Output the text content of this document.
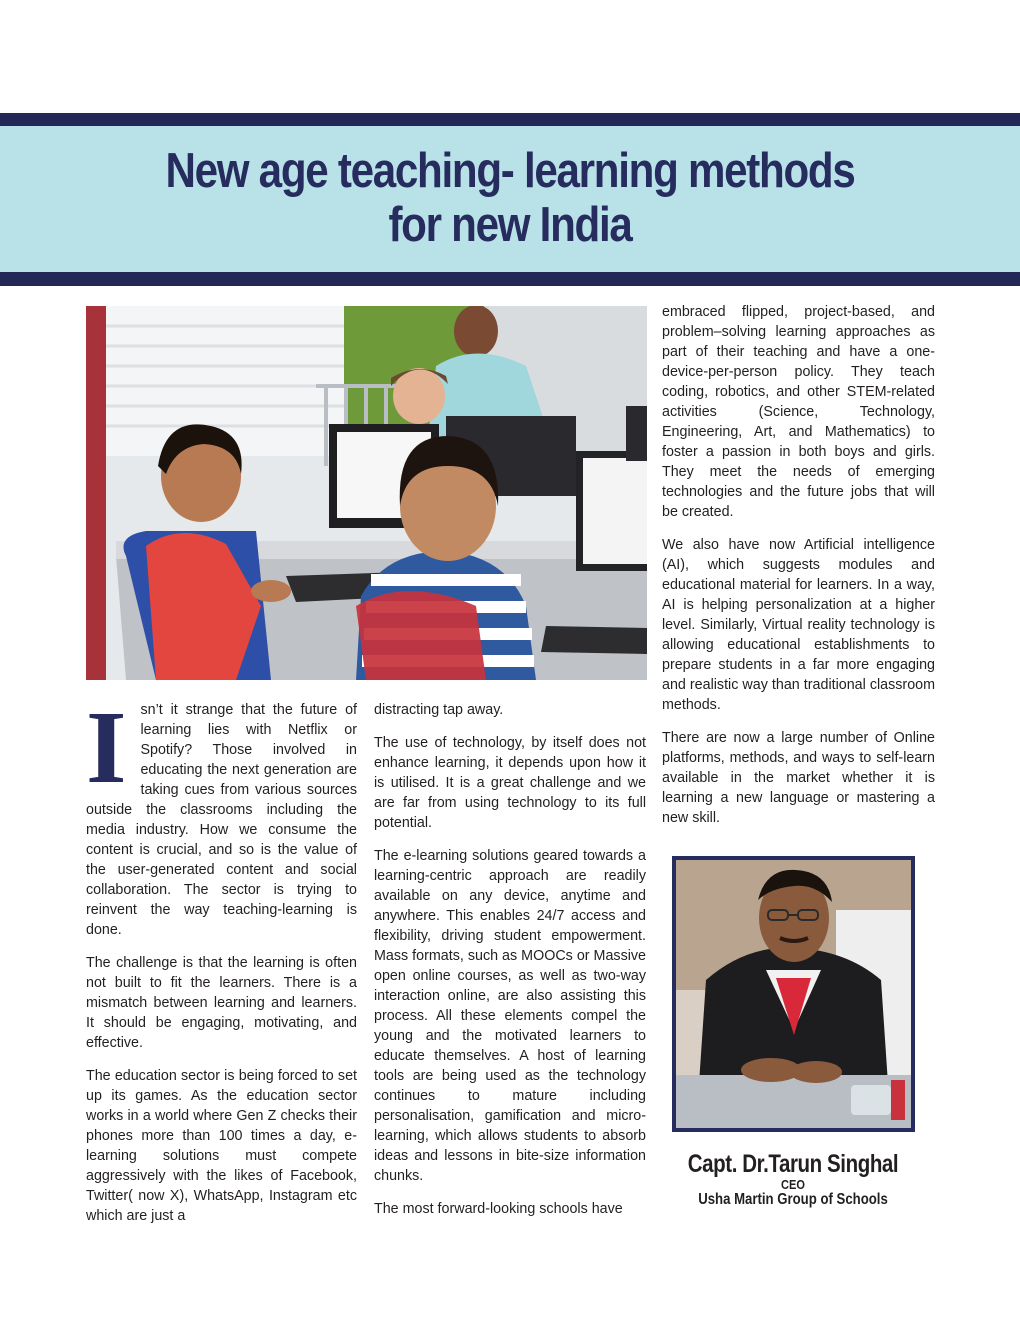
New age teaching- learning methods
for new India
I sn’t it strange that the future of learning lies with Netflix or Spotify? Those involved in educating the next generation are taking cues from various sources outside the classrooms including the media industry. How we consume the content is crucial, and so is the value of the user-generated content and social collaboration. The sector is trying to reinvent the way teaching-learning is done.

The challenge is that the learning is often not built to fit the learners. There is a mismatch between learning and learners. It should be engaging, motivating, and effective.

The education sector is being forced to set up its games. As the education sector works in a world where Gen Z checks their phones more than 100 times a day, e-learning solutions must compete aggressively with the likes of Facebook, Twitter( now X), WhatsApp, Instagram etc which are just a

distracting tap away.

The use of technology, by itself does not enhance learning, it depends upon how it is utilised. It is a great challenge and we are far from using technology to its full potential.

The e-learning solutions geared towards a learning-centric approach are readily available on any device, anytime and anywhere. This enables 24/7 access and flexibility, driving student empowerment. Mass formats, such as MOOCs or Massive open online courses, as well as two-way interaction online, are also assisting this process. All these elements compel the young and the motivated learners to educate themselves. A host of learning tools are being used as the technology continues to mature including personalisation, gamification and micro-learning, which allows students to absorb ideas and lessons in bite-size information chunks.

The most forward-looking schools have

embraced flipped, project-based, and problem–solving learning approaches as part of their teaching and have a one-device-per-person policy. They teach coding, robotics, and other STEM-related activities (Science, Technology, Engineering, Art, and Mathematics) to foster a passion in both boys and girls. They meet the needs of emerging technologies and the future jobs that will be created.

We also have now Artificial intelligence (AI), which suggests modules and educational material for learners. In a way, AI is helping personalization at a higher level. Similarly, Virtual reality technology is allowing educational establishments to prepare students in a far more engaging and realistic way than traditional classroom methods.

There are now a large number of Online platforms, methods, and ways to self-learn available in the market whether it is learning a new language or mastering a new skill.

Capt. Dr.Tarun Singhal
CEO
Usha Martin Group of Schools
